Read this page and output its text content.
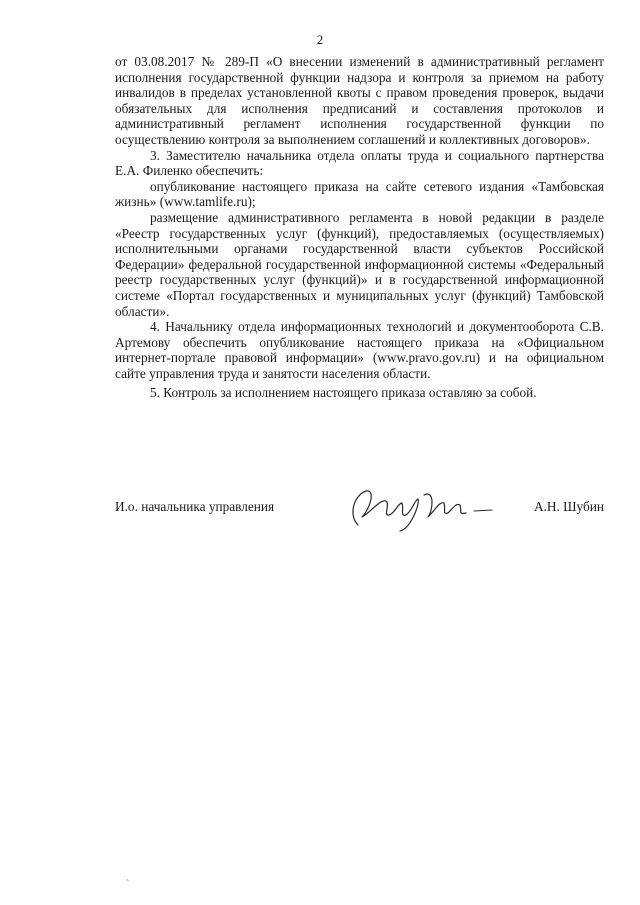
2

от 03.08.2017 № 289-П «О внесении изменений в административный регламент исполнения государственной функции надзора и контроля за приемом на работу инвалидов в пределах установленной квоты с правом проведения проверок, выдачи обязательных для исполнения предписаний и составления протоколов и административный регламент исполнения государственной функции по осуществлению контроля за выполнением соглашений и коллективных договоров».

3. Заместителю начальника отдела оплаты труда и социального партнерства Е.А. Филенко обеспечить:

опубликование настоящего приказа на сайте сетевого издания «Тамбовская жизнь» (www.tamlife.ru);

размещение административного регламента в новой редакции в разделе «Реестр государственных услуг (функций), предоставляемых (осуществляемых) исполнительными органами государственной власти субъектов Российской Федерации» федеральной государственной информационной системы «Федеральный реестр государственных услуг (функций)» и в государственной информационной системе «Портал государственных и муниципальных услуг (функций) Тамбовской области».

4. Начальнику отдела информационных технологий и документооборота С.В. Артемову обеспечить опубликование настоящего приказа на «Официальном интернет-портале правовой информации» (www.pravo.gov.ru) и на официальном сайте управления труда и занятости населения области.

5. Контроль за исполнением настоящего приказа оставляю за собой.

И.о. начальника управления	А.Н. Шубин
`
